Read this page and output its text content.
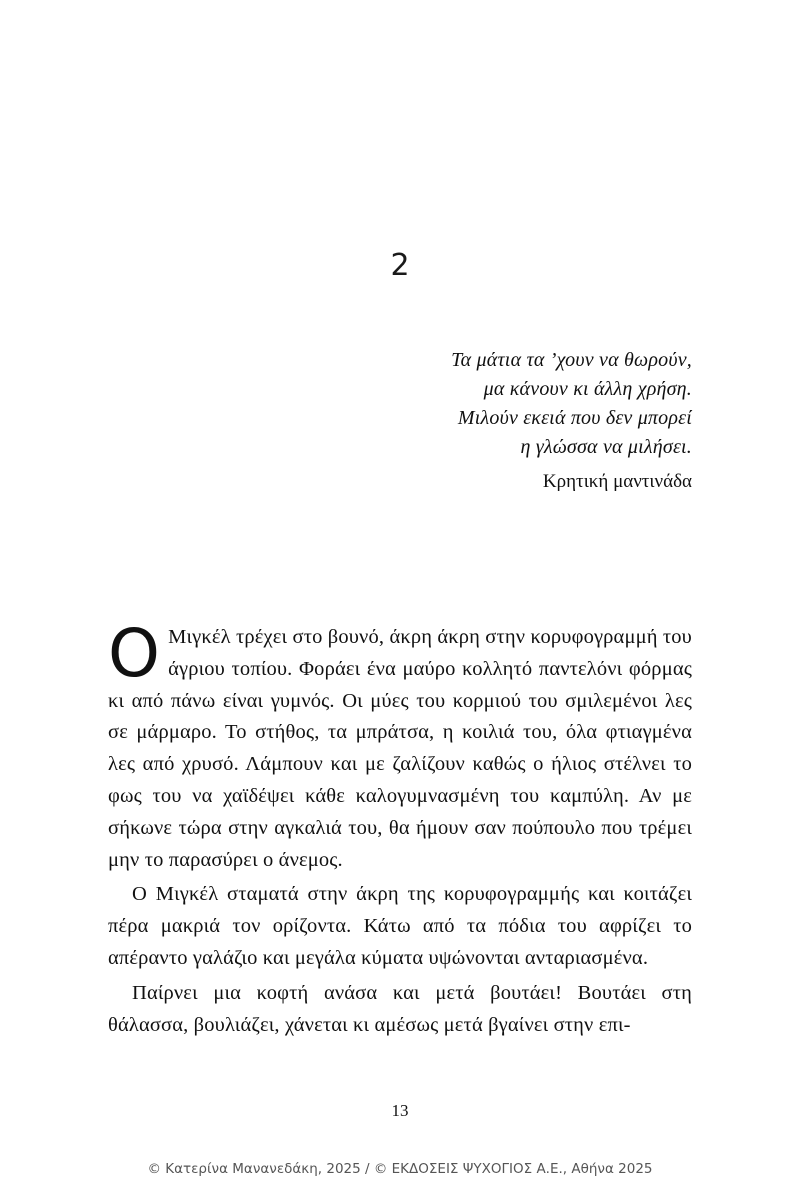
2
Τα μάτια τα ’χουν να θωρούν,
μα κάνουν κι άλλη χρήση.
Μιλούν εκειά που δεν μπορεί
η γλώσσα να μιλήσει.
Κρητική μαντινάδα

Ο Μιγκέλ τρέχει στο βουνό, άκρη άκρη στην κορυφογραμμή του άγριου τοπίου. Φοράει ένα μαύρο κολλητό παντελόνι φόρμας κι από πάνω είναι γυμνός. Οι μύες του κορμιού του σμιλεμένοι λες σε μάρμαρο. Το στήθος, τα μπράτσα, η κοιλιά του, όλα φτιαγμένα λες από χρυσό. Λάμπουν και με ζαλίζουν καθώς ο ήλιος στέλνει το φως του να χαϊδέψει κάθε καλογυμνασμένη του καμπύλη. Αν με σήκωνε τώρα στην αγκαλιά του, θα ήμουν σαν πούπουλο που τρέμει μην το παρασύρει ο άνεμος.

Ο Μιγκέλ σταματά στην άκρη της κορυφογραμμής και κοιτάζει πέρα μακριά τον ορίζοντα. Κάτω από τα πόδια του αφρίζει το απέραντο γαλάζιο και μεγάλα κύματα υψώνονται ανταριασμένα.

Παίρνει μια κοφτή ανάσα και μετά βουτάει! Βουτάει στη θάλασσα, βουλιάζει, χάνεται κι αμέσως μετά βγαίνει στην επι-

13
© Κατερίνα Μανανεδάκη, 2025 / © ΕΚΔΟΣΕΙΣ ΨΥΧΟΓΙΟΣ Α.Ε., Αθήνα 2025
